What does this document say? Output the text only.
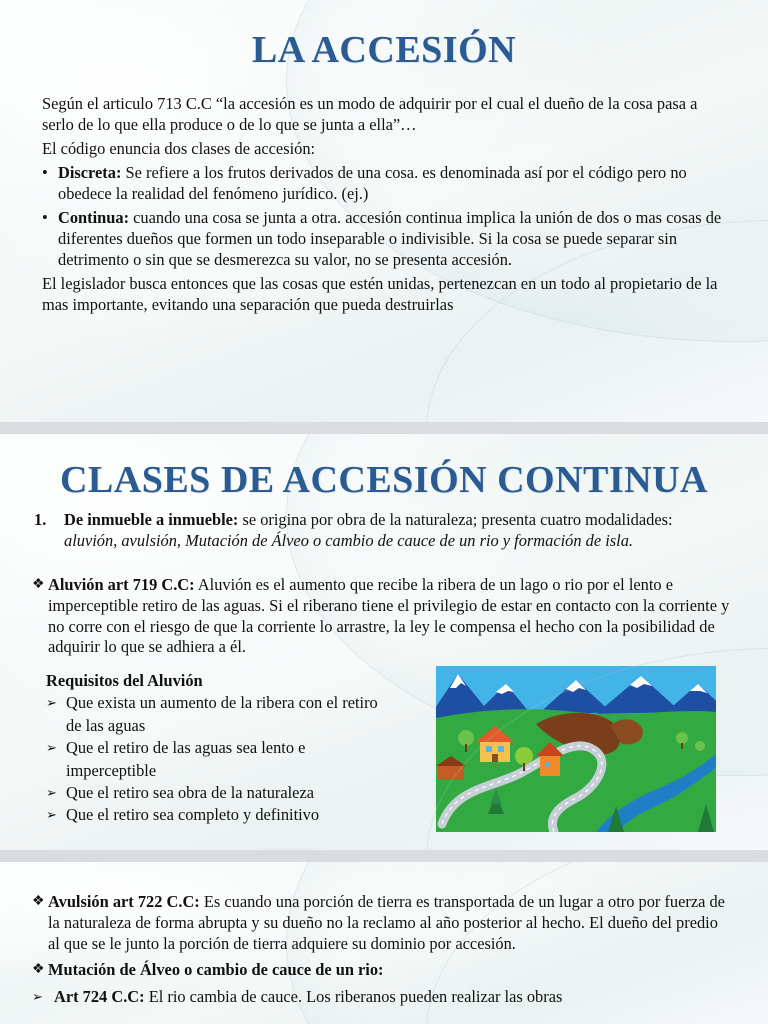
LA ACCESIÓN

Según el articulo 713 C.C “la accesión es un modo de adquirir por el cual el dueño de la cosa pasa a serlo de lo que ella produce o de lo que se junta a ella”…

El código enuncia dos clases de accesión:

• Discreta: Se refiere a los frutos derivados de una cosa. es denominada así por el código pero no obedece la realidad del fenómeno jurídico. (ej.)
• Continua: cuando una cosa se junta a otra. accesión continua implica la unión de dos o mas cosas de diferentes dueños que formen un todo inseparable o indivisible. Si la cosa se puede separar sin detrimento o sin que se desmerezca su valor, no se presenta accesión.

El legislador busca entonces que las cosas que estén unidas, pertenezcan en un todo al propietario de la mas importante, evitando una separación que pueda destruirlas

CLASES DE ACCESIÓN CONTINUA
1.	De inmueble a inmueble: se origina por obra de la naturaleza; presenta cuatro modalidades: aluvión, avulsión, Mutación de Álveo o cambio de cauce de un rio y formación de isla.
❖ Aluvión art 719 C.C: Aluvión es el aumento que recibe la ribera de un lago o rio por el lento e imperceptible retiro de las aguas. Si el riberano tiene el privilegio de estar en contacto con la corriente y no corre con el riesgo de que la corriente lo arrastre, la ley le compensa el hecho con la posibilidad de adquirir lo que se adhiera a él.

Requisitos del Aluvión

➢ Que exista un aumento de la ribera con el retiro de las aguas
➢ Que el retiro de las aguas sea lento e imperceptible
➢ Que el retiro sea obra de la naturaleza
➢ Que el retiro sea completo y definitivo
❖ Avulsión art 722 C.C: Es cuando una porción de tierra es transportada de un lugar a otro por fuerza de la naturaleza de forma abrupta y su dueño no la reclamo al año posterior al hecho. El dueño del predio al que se le junto la porción de tierra adquiere su dominio por accesión.
❖ Mutación de Álveo o cambio de cauce de un rio:
➢ Art 724 C.C: El rio cambia de cauce. Los riberanos pueden realizar las obras
